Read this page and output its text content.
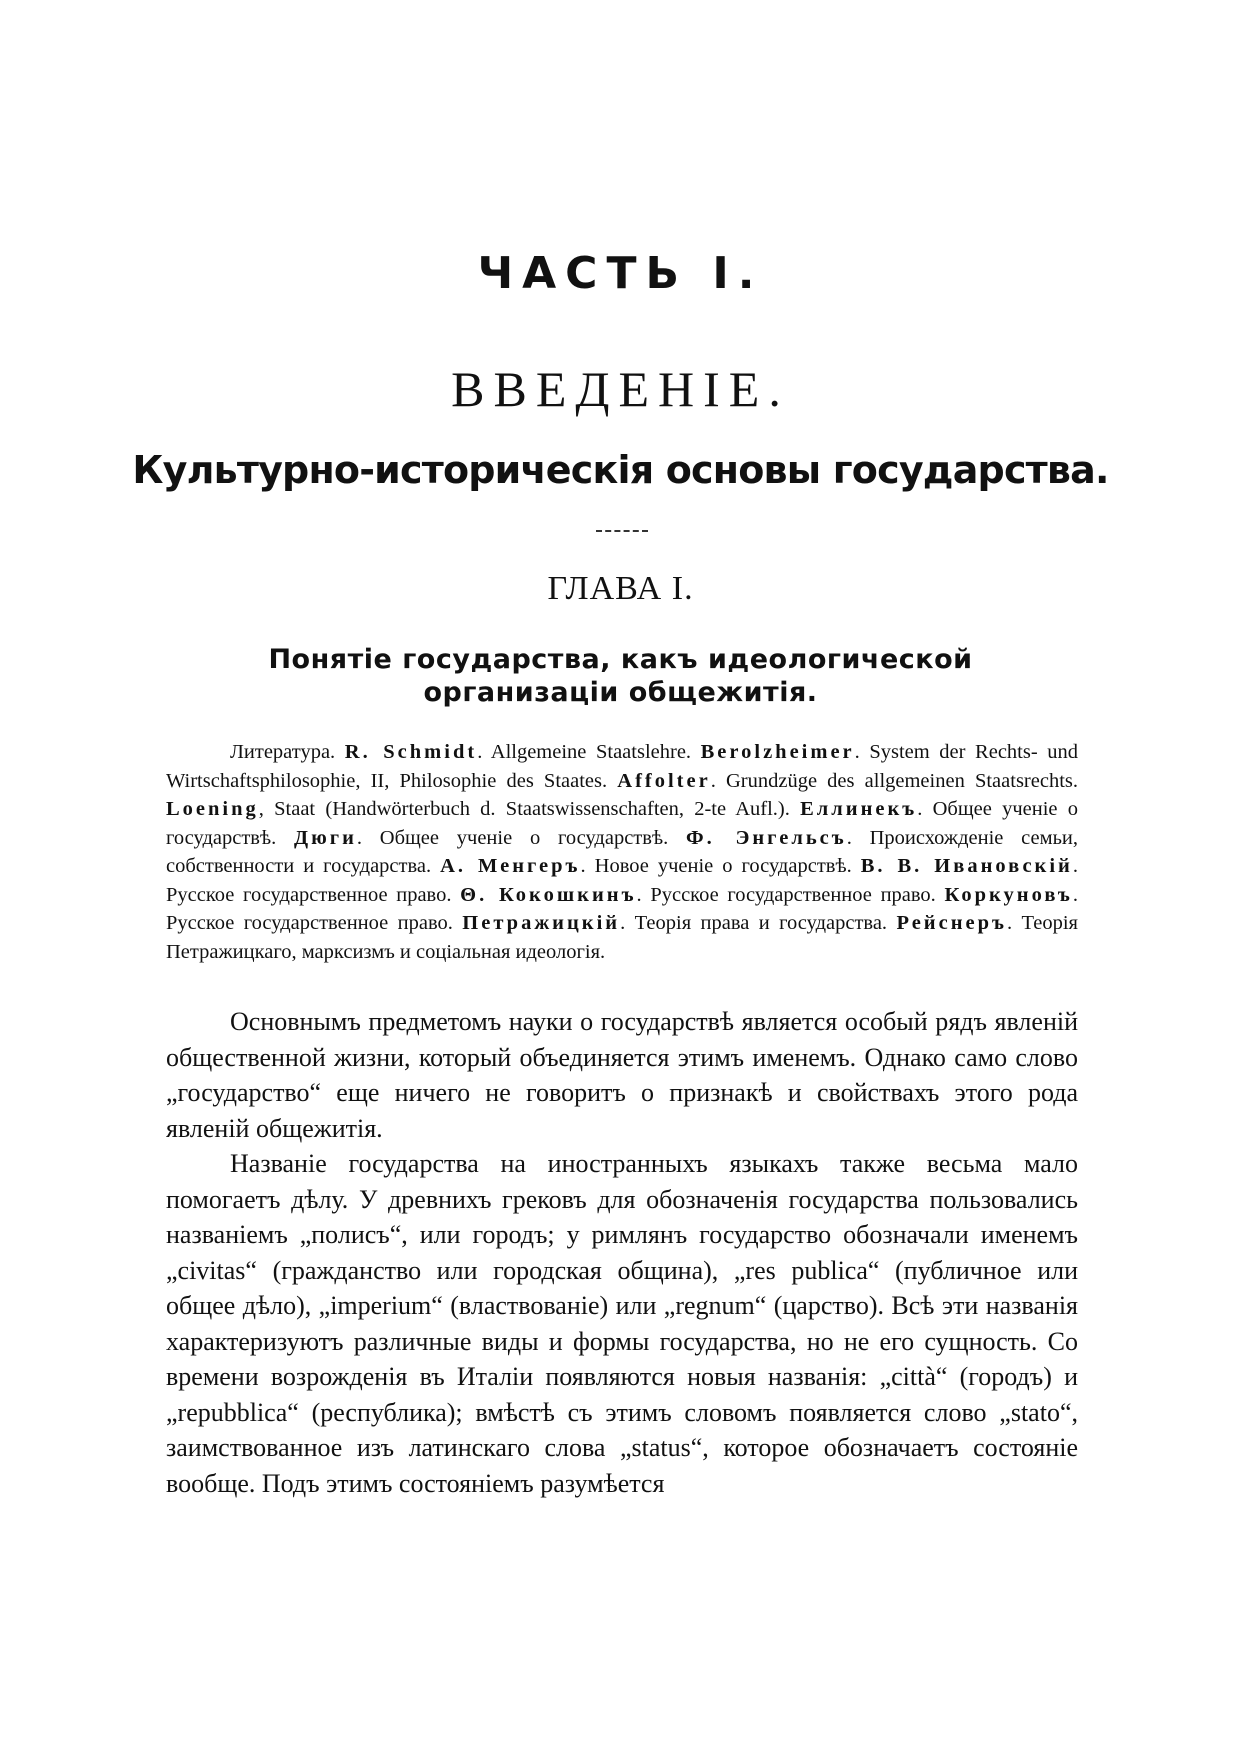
ЧАСТЬ I.
ВВЕДЕНIЕ.
Культурно-историческія основы государства.
ГЛАВА I.
Понятіе государства, какъ идеологической
организаціи общежитія.
Литература. R. Schmidt. Allgemeine Staatslehre. Berolzheimer. System der Rechts- und Wirtschaftsphilosophie, II, Philosophie des Staates. Affolter. Grundzüge des allgemeinen Staatsrechts. Loening, Staat (Handwörterbuch d. Staatswissenschaften, 2-te Aufl.). Еллинекъ. Общее ученіе о государствѣ. Дюги. Общее ученіе о государствѣ. Ф. Энгельсъ. Происхожденіе семьи, собственности и государства. А. Менгеръ. Новое ученіе о государствѣ. В. В. Ивановскій. Русское государственное право. Θ. Кокошкинъ. Русское государственное право. Коркуновъ. Русское государственное право. Петражицкій. Теорія права и государства. Рейснеръ. Теорія Петражицкаго, марксизмъ и соціальная идеологія.

Основнымъ предметомъ науки о государствѣ является особый рядъ явленій общественной жизни, который объединяется этимъ именемъ. Однако само слово „государство“ еще ничего не говоритъ о признакѣ и свойствахъ этого рода явленій общежитія.

Названіе государства на иностранныхъ языкахъ также весьма мало помогаетъ дѣлу. У древнихъ грековъ для обозначенія государства пользовались названіемъ „полисъ“, или городъ; у римлянъ государство обозначали именемъ „civitas“ (гражданство или городская община), „res publica“ (публичное или общее дѣло), „imperium“ (властвованіе) или „regnum“ (царство). Всѣ эти названія характеризуютъ различные виды и формы государства, но не его сущность. Со времени возрожденія въ Италіи появляются новыя названія: „città“ (городъ) и „repubblica“ (республика); вмѣстѣ съ этимъ словомъ появляется слово „stato“, заимствованное изъ латинскаго слова „status“, которое обозначаетъ состояніе вообще. Подъ этимъ состояніемъ разумѣется
